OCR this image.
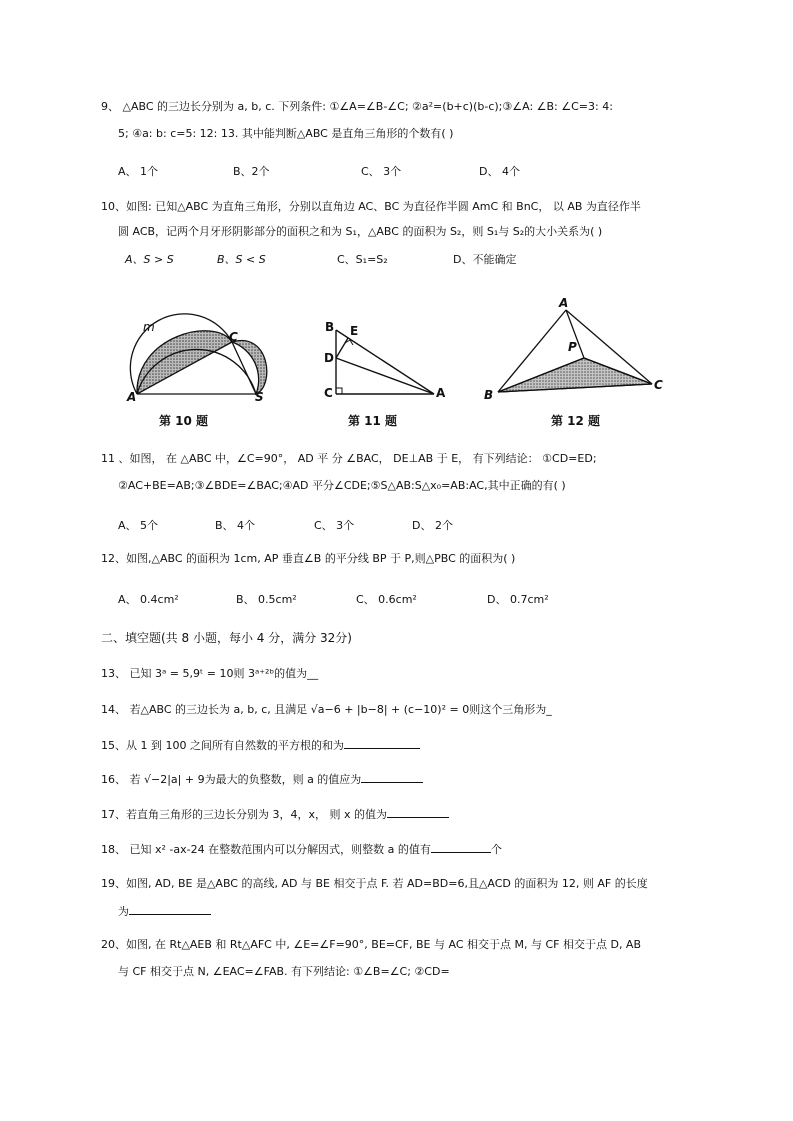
9、 △ABC 的三边长分别为 a, b, c. 下列条件: ①∠A=∠B-∠C; ②a²=(b+c)(b-c);③∠A: ∠B: ∠C=3: 4:
5; ④a: b: c=5: 12: 13. 其中能判断△ABC 是直角三角形的个数有( )
A、 1个	B、2个	C、 3个	D、 4个
10、如图: 已知△ABC 为直角三角形，分别以直角边 AC、BC 为直径作半圆 AmC 和 BnC， 以 AB 为直径作半
圆 ACB，记两个月牙形阴影部分的面积之和为 S₁，△ABC 的面积为 S₂，则 S₁与 S₂的大小关系为( )
A、S > S	B、S < S	C、S₁=S₂	D、不能确定
m
C
A	S
第 10 题
B E
D
C	A
第 11 题
A
P
B
C
第 12 题
11 、如图， 在 △ABC 中，∠C=90°， AD 平 分 ∠BAC， DE⊥AB 于 E， 有下列结论： ①CD=ED;
②AC+BE=AB;③∠BDE=∠BAC;④AD 平分∠CDE;⑤S△AB:S△x₀=AB:AC,其中正确的有( )
A、 5个	B、 4个	C、 3个	D、 2个
12、如图,△ABC 的面积为 1cm, AP 垂直∠B 的平分线 BP 于 P,则△PBC 的面积为( )
A、 0.4cm²	B、 0.5cm²	C、 0.6cm²	D、 0.7cm²
二、填空题(共 8 小题，每小 4 分，满分 32分)
13、 已知 3ᵃ = 5,9ᵗ = 10则 3ᵃ⁺²ᵇ的值为__
14、 若△ABC 的三边长为 a, b, c, 且满足 √a−6 + |b−8| + (c−10)² = 0则这个三角形为_
15、从 1 到 100 之间所有自然数的平方根的和为
16、 若 √−2|a| + 9为最大的负整数，则 a 的值应为
17、若直角三角形的三边长分别为 3，4，x， 则 x 的值为
18、 已知 x² -ax-24 在整数范围内可以分解因式，则整数 a 的值有	个
19、如图, AD, BE 是△ABC 的高线, AD 与 BE 相交于点 F. 若 AD=BD=6,且△ACD 的面积为 12, 则 AF 的长度
为
20、如图, 在 Rt△AEB 和 Rt△AFC 中, ∠E=∠F=90°, BE=CF, BE 与 AC 相交于点 M, 与 CF 相交于点 D, AB
与 CF 相交于点 N, ∠EAC=∠FAB. 有下列结论: ①∠B=∠C; ②CD=
